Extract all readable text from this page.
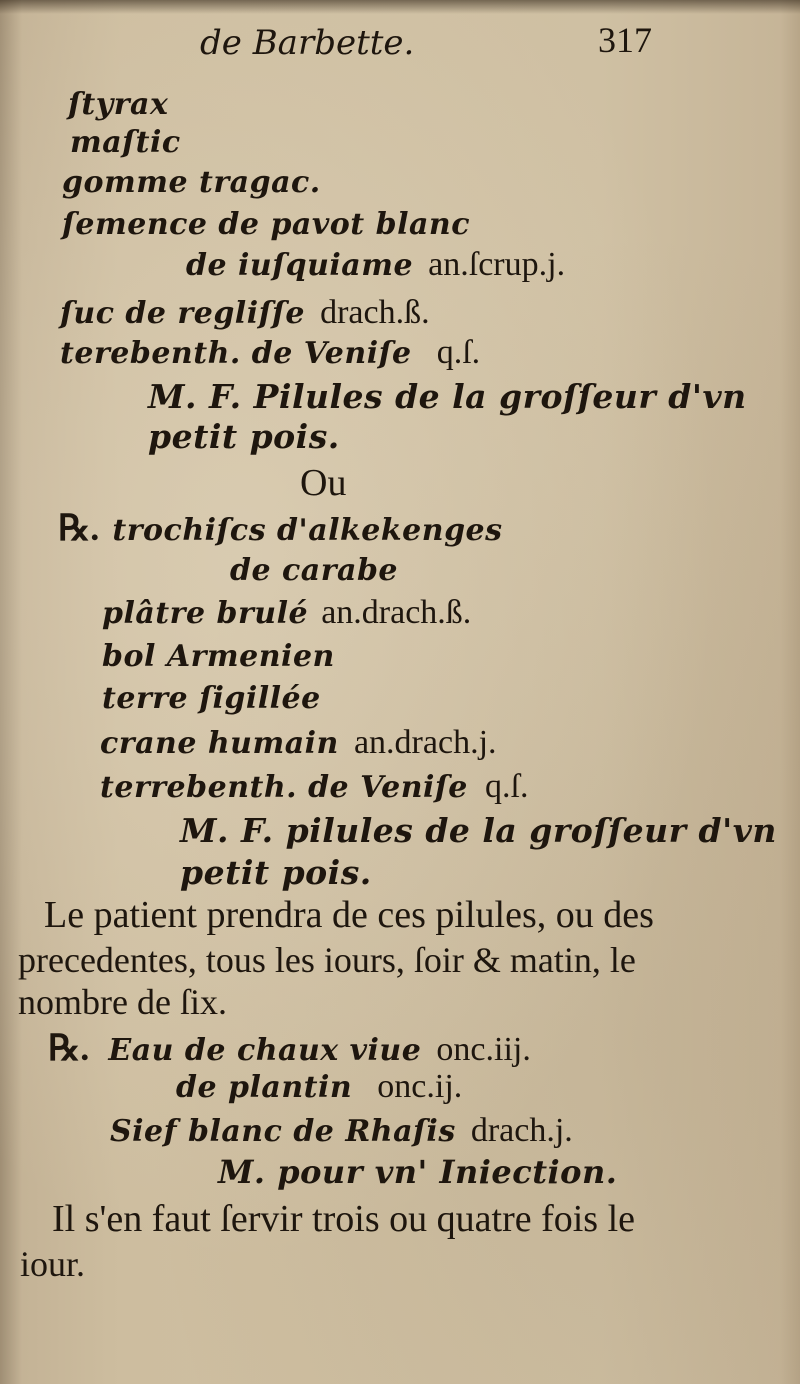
de Barbette.	317
ſtyrax
maſtic
gomme tragac.
ſemence de pavot blanc
de iuſquiame an.ſcrup.j.
ſuc de regliſſe drach.ß.
terebenth. de Veniſe q.ſ.
M. F. Pilules de la groſſeur d'vn
petit pois.
Ou
℞. trochiſcs d'alkekenges
de carabe
plâtre brulé an.drach.ß.
bol Armenien
terre ſigillée
crane humain an.drach.j.
terrebenth. de Veniſe q.ſ.
M. F. pilules de la groſſeur d'vn
petit pois.
Le patient prendra de ces pilules, ou des
precedentes, tous les iours, ſoir & matin, le
nombre de ſix.
℞. Eau de chaux viue onc.iij.
de plantin onc.ij.
Sief blanc de Rhaſis drach.j.
M. pour vn' Iniection.
Il s'en faut ſervir trois ou quatre fois le
iour.
